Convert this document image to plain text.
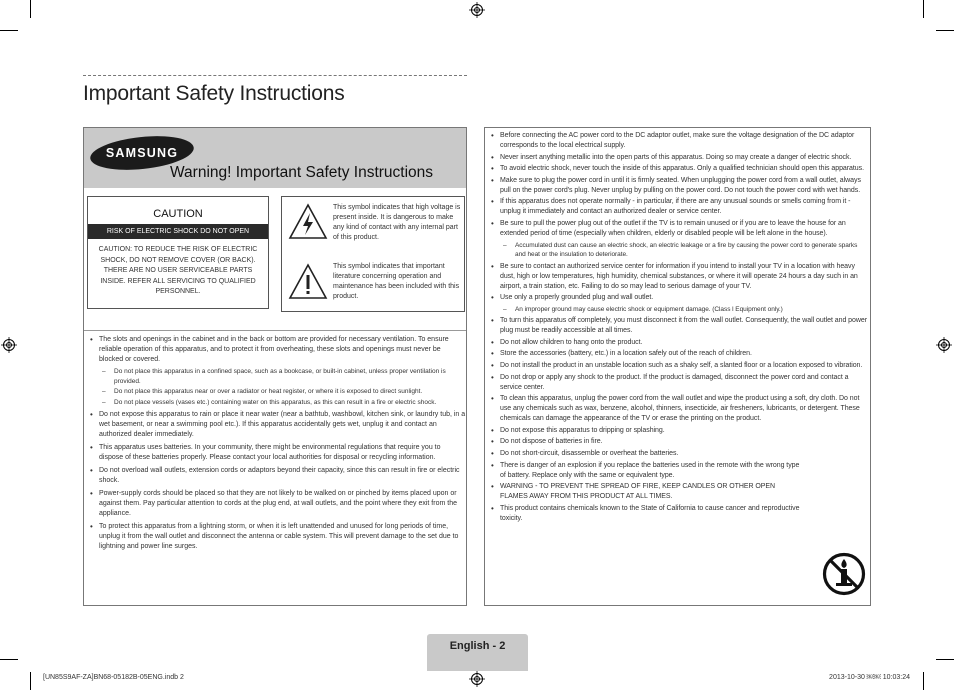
Important Safety Instructions
SAMSUNG
Warning! Important Safety Instructions
CAUTION
RISK OF ELECTRIC SHOCK DO NOT OPEN
CAUTION: TO REDUCE THE RISK OF ELECTRIC SHOCK, DO NOT REMOVE COVER (OR BACK). THERE ARE NO USER SERVICEABLE PARTS INSIDE. REFER ALL SERVICING TO QUALIFIED PERSONNEL.
This symbol indicates that high voltage is present inside. It is dangerous to make any kind of contact with any internal part of this product.
This symbol indicates that important literature concerning operation and maintenance has been included with this product.
• The slots and openings in the cabinet and in the back or bottom are provided for necessary ventilation. To ensure reliable operation of this apparatus, and to protect it from overheating, these slots and openings must never be blocked or covered.
– Do not place this apparatus in a confined space, such as a bookcase, or built-in cabinet, unless proper ventilation is provided.
– Do not place this apparatus near or over a radiator or heat register, or where it is exposed to direct sunlight.
– Do not place vessels (vases etc.) containing water on this apparatus, as this can result in a fire or electric shock.
• Do not expose this apparatus to rain or place it near water (near a bathtub, washbowl, kitchen sink, or laundry tub, in a wet basement, or near a swimming pool etc.). If this apparatus accidentally gets wet, unplug it and contact an authorized dealer immediately.
• This apparatus uses batteries. In your community, there might be environmental regulations that require you to dispose of these batteries properly. Please contact your local authorities for disposal or recycling information.
• Do not overload wall outlets, extension cords or adaptors beyond their capacity, since this can result in fire or electric shock.
• Power-supply cords should be placed so that they are not likely to be walked on or pinched by items placed upon or against them. Pay particular attention to cords at the plug end, at wall outlets, and the point where they exit from the appliance.
• To protect this apparatus from a lightning storm, or when it is left unattended and unused for long periods of time, unplug it from the wall outlet and disconnect the antenna or cable system. This will prevent damage to the set due to lightning and power line surges.
• Before connecting the AC power cord to the DC adaptor outlet, make sure the voltage designation of the DC adaptor corresponds to the local electrical supply.
• Never insert anything metallic into the open parts of this apparatus. Doing so may create a danger of electric shock.
• To avoid electric shock, never touch the inside of this apparatus. Only a qualified technician should open this apparatus.
• Make sure to plug the power cord in until it is firmly seated. When unplugging the power cord from a wall outlet, always pull on the power cord's plug. Never unplug by pulling on the power cord. Do not touch the power cord with wet hands.
• If this apparatus does not operate normally - in particular, if there are any unusual sounds or smells coming from it - unplug it immediately and contact an authorized dealer or service center.
• Be sure to pull the power plug out of the outlet if the TV is to remain unused or if you are to leave the house for an extended period of time (especially when children, elderly or disabled people will be left alone in the house).
– Accumulated dust can cause an electric shock, an electric leakage or a fire by causing the power cord to generate sparks and heat or the insulation to deteriorate.
• Be sure to contact an authorized service center for information if you intend to install your TV in a location with heavy dust, high or low temperatures, high humidity, chemical substances, or where it will operate 24 hours a day such in an airport, a train station, etc. Failing to do so may lead to serious damage of your TV.
• Use only a properly grounded plug and wall outlet.
– An improper ground may cause electric shock or equipment damage. (Class l Equipment only.)
• To turn this apparatus off completely, you must disconnect it from the wall outlet. Consequently, the wall outlet and power plug must be readily accessible at all times.
• Do not allow children to hang onto the product.
• Store the accessories (battery, etc.) in a location safely out of the reach of children.
• Do not install the product in an unstable location such as a shaky self, a slanted floor or a location exposed to vibration.
• Do not drop or apply any shock to the product. If the product is damaged, disconnect the power cord and contact a service center.
• To clean this apparatus, unplug the power cord from the wall outlet and wipe the product using a soft, dry cloth. Do not use any chemicals such as wax, benzene, alcohol, thinners, insecticide, air fresheners, lubricants, or detergent. These chemicals can damage the appearance of the TV or erase the printing on the product.
• Do not expose this apparatus to dripping or splashing.
• Do not dispose of batteries in fire.
• Do not short-circuit, disassemble or overheat the batteries.
• There is danger of an explosion if you replace the batteries used in the remote with the wrong type of battery. Replace only with the same or equivalent type.
• WARNING - TO PREVENT THE SPREAD OF FIRE, KEEP CANDLES OR OTHER OPEN FLAMES AWAY FROM THIS PRODUCT AT ALL TIMES.
• This product contains chemicals known to the State of California to cause cancer and reproductive toxicity.
English - 2
[UN85S9AF-ZA]BN68-05182B-05ENG.indb 2	2013-10-30 ￼￼ 10:03:24
